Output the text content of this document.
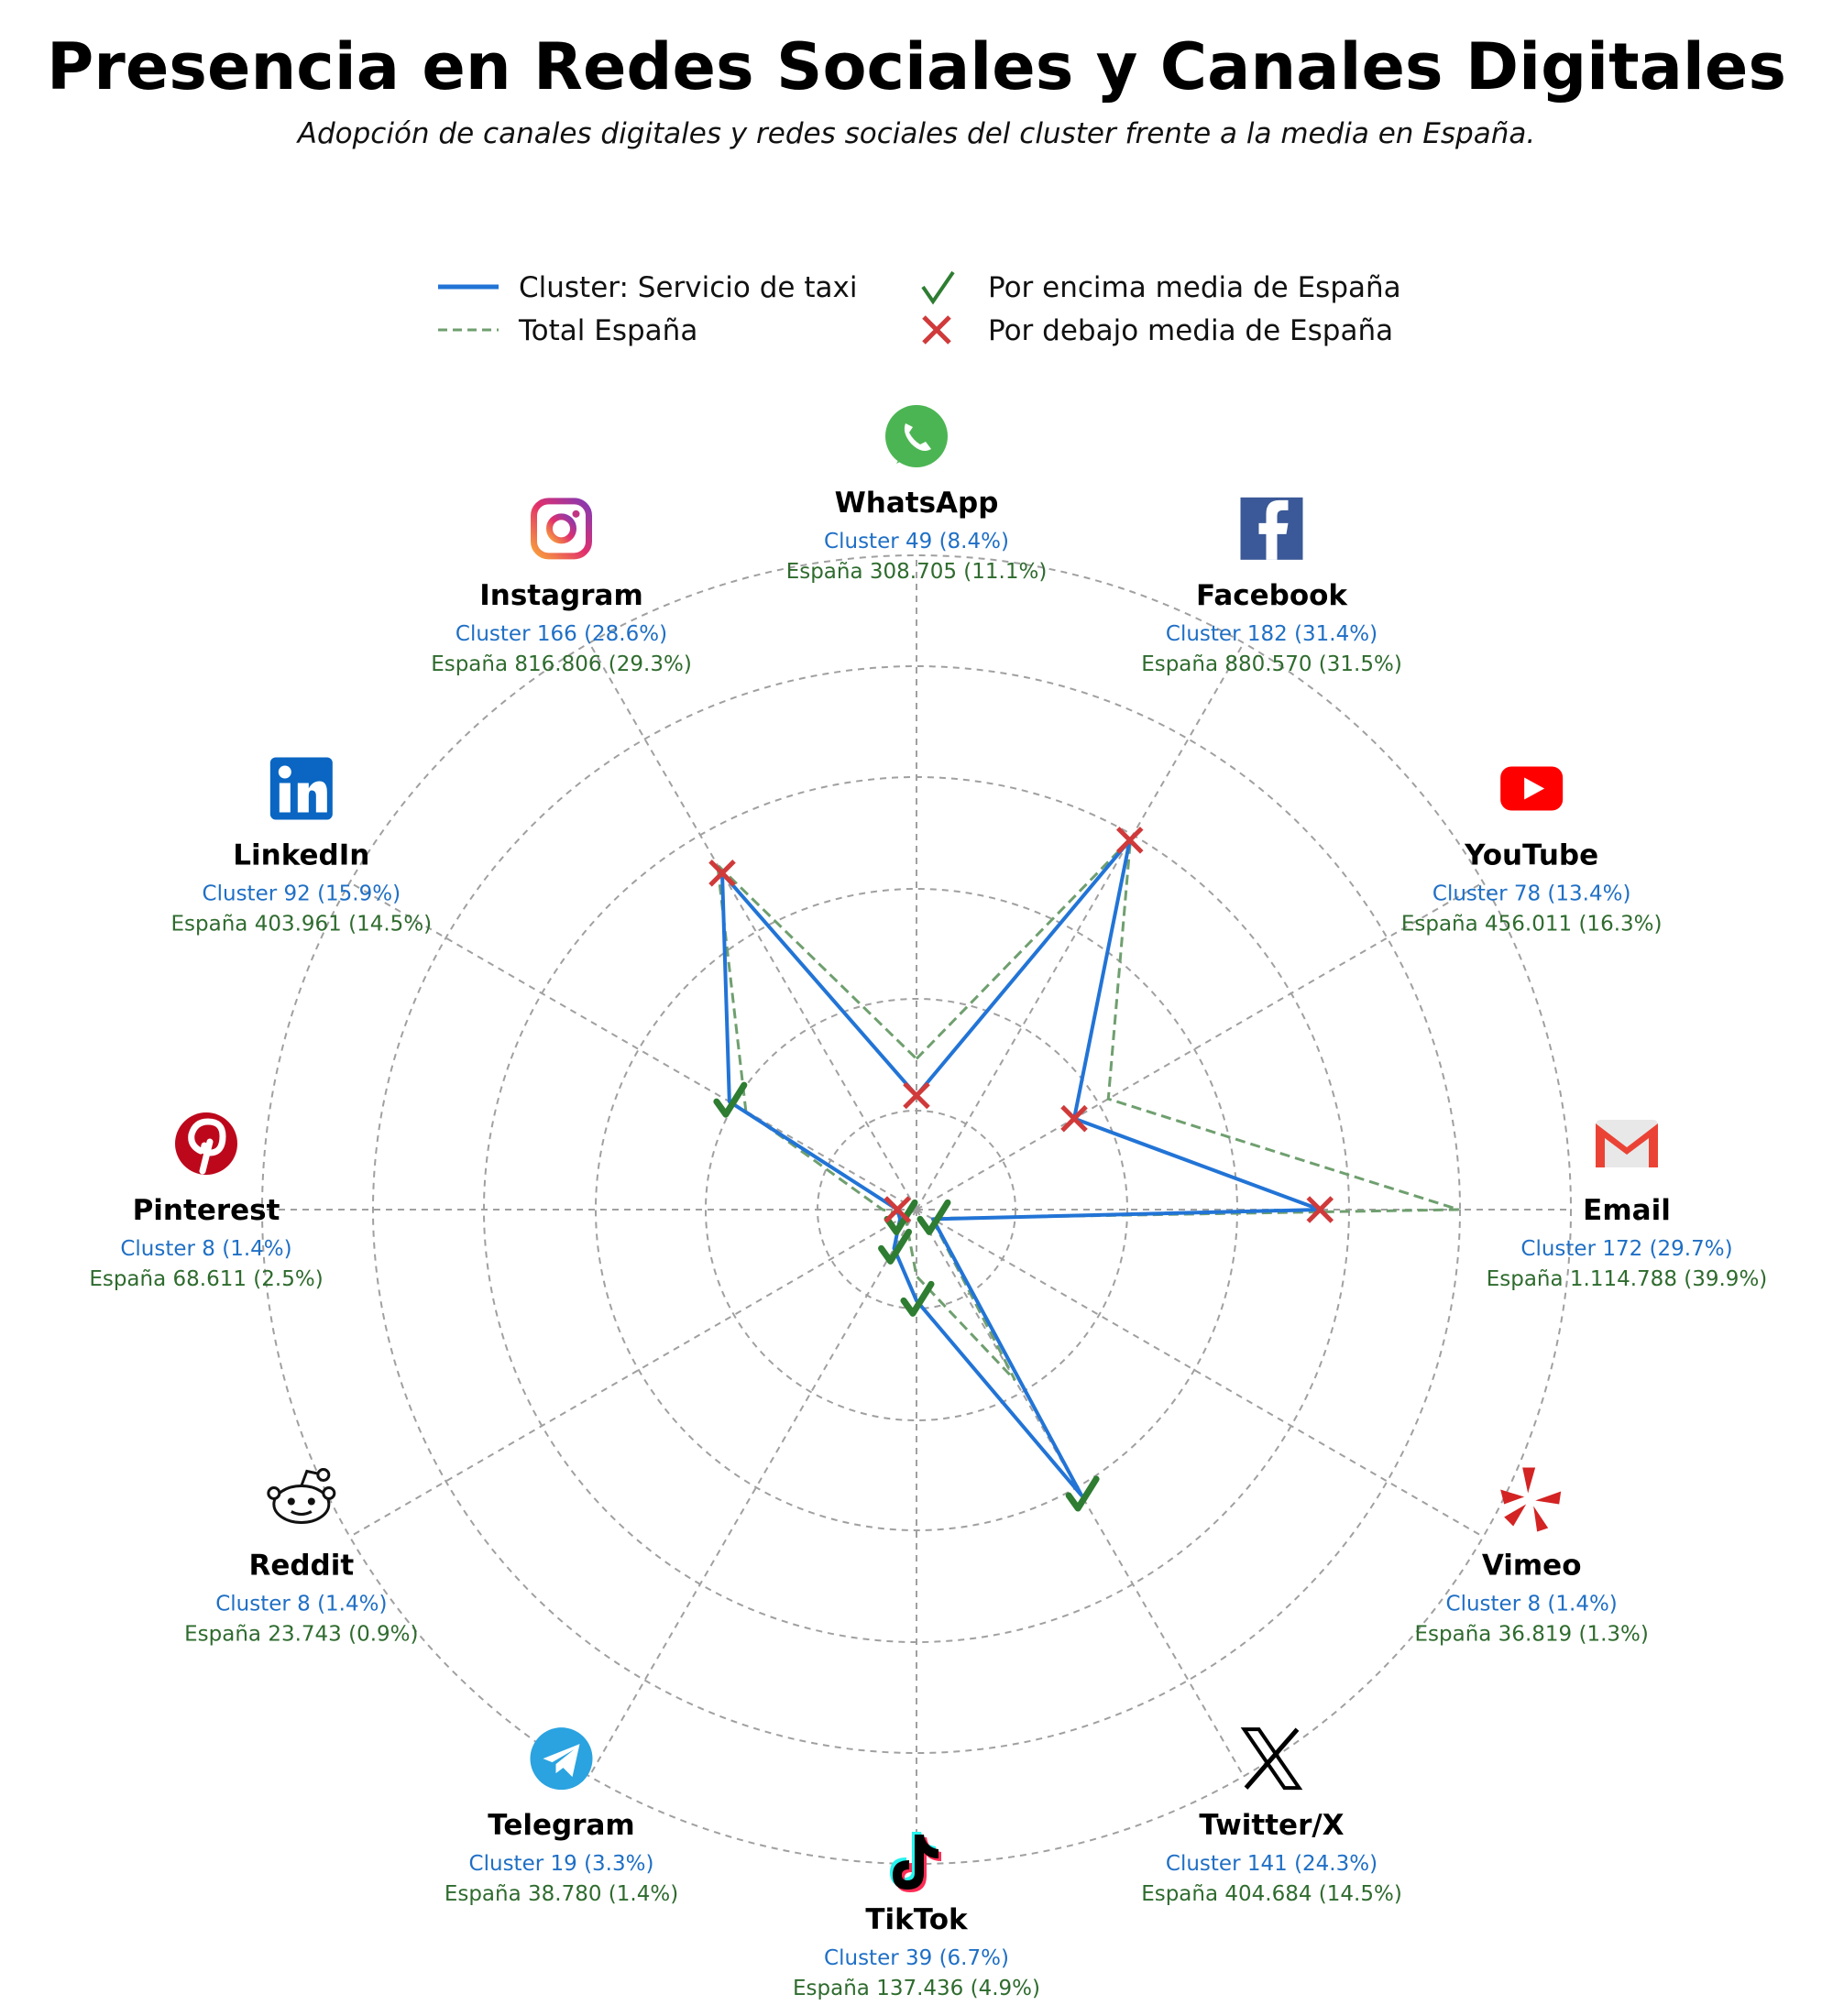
Presencia en Redes Sociales y Canales Digitales
Adopción de canales digitales y redes sociales del cluster frente a la media en España.
WhatsApp
Cluster 49 (8.4%)
España 308.705 (11.1%)
Facebook
Cluster 182 (31.4%)
España 880.570 (31.5%)
YouTube
Cluster 78 (13.4%)
España 456.011 (16.3%)
Email
Cluster 172 (29.7%)
España 1.114.788 (39.9%)
Vimeo
Cluster 8 (1.4%)
España 36.819 (1.3%)
Twitter/X
Cluster 141 (24.3%)
España 404.684 (14.5%)
TikTok
Cluster 39 (6.7%)
España 137.436 (4.9%)
Telegram
Cluster 19 (3.3%)
España 38.780 (1.4%)
Reddit
Cluster 8 (1.4%)
España 23.743 (0.9%)
Pinterest
Cluster 8 (1.4%)
España 68.611 (2.5%)
LinkedIn
Cluster 92 (15.9%)
España 403.961 (14.5%)
Instagram
Cluster 166 (28.6%)
España 816.806 (29.3%)
Cluster: Servicio de taxi
Total España
Por encima media de España
Por debajo media de España
